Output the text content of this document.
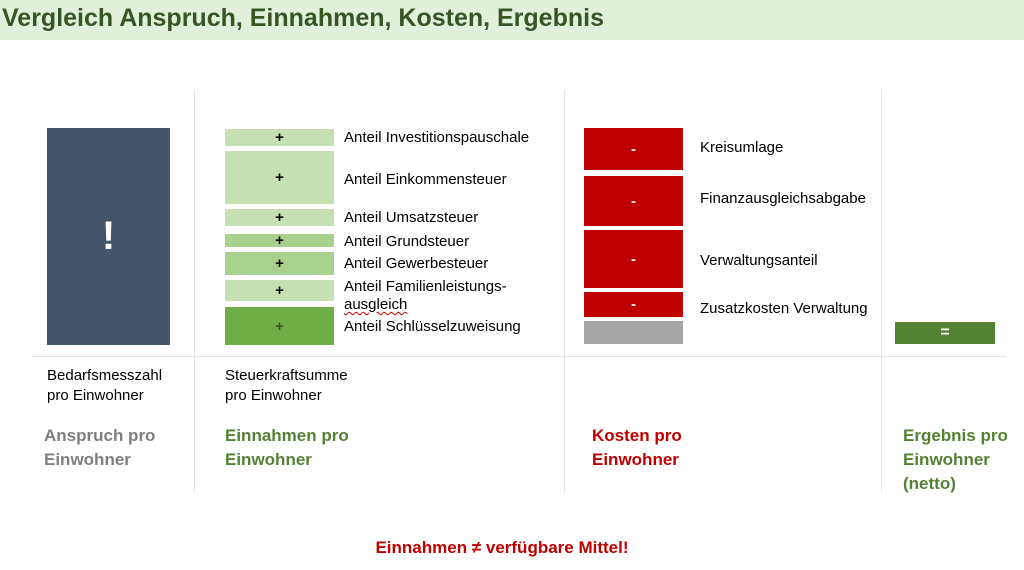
Vergleich Anspruch, Einnahmen, Kosten, Ergebnis
!
Bedarfsmesszahl
pro Einwohner
Anspruch pro
Einwohner
+	Anteil Investitionspauschale
+	Anteil Einkommensteuer
+	Anteil Umsatzsteuer
+	Anteil Grundsteuer
+	Anteil Gewerbesteuer
+	Anteil Familienleistungs-
ausgleich
+	Anteil Schlüsselzuweisung
Steuerkraftsumme
pro Einwohner
Einnahmen pro
Einwohner
-	Kreisumlage
-	Finanzausgleichsabgabe
-	Verwaltungsanteil
-	Zusatzkosten Verwaltung
Kosten pro
Einwohner
=
Ergebnis pro
Einwohner
(netto)
Einnahmen ≠ verfügbare Mittel!
